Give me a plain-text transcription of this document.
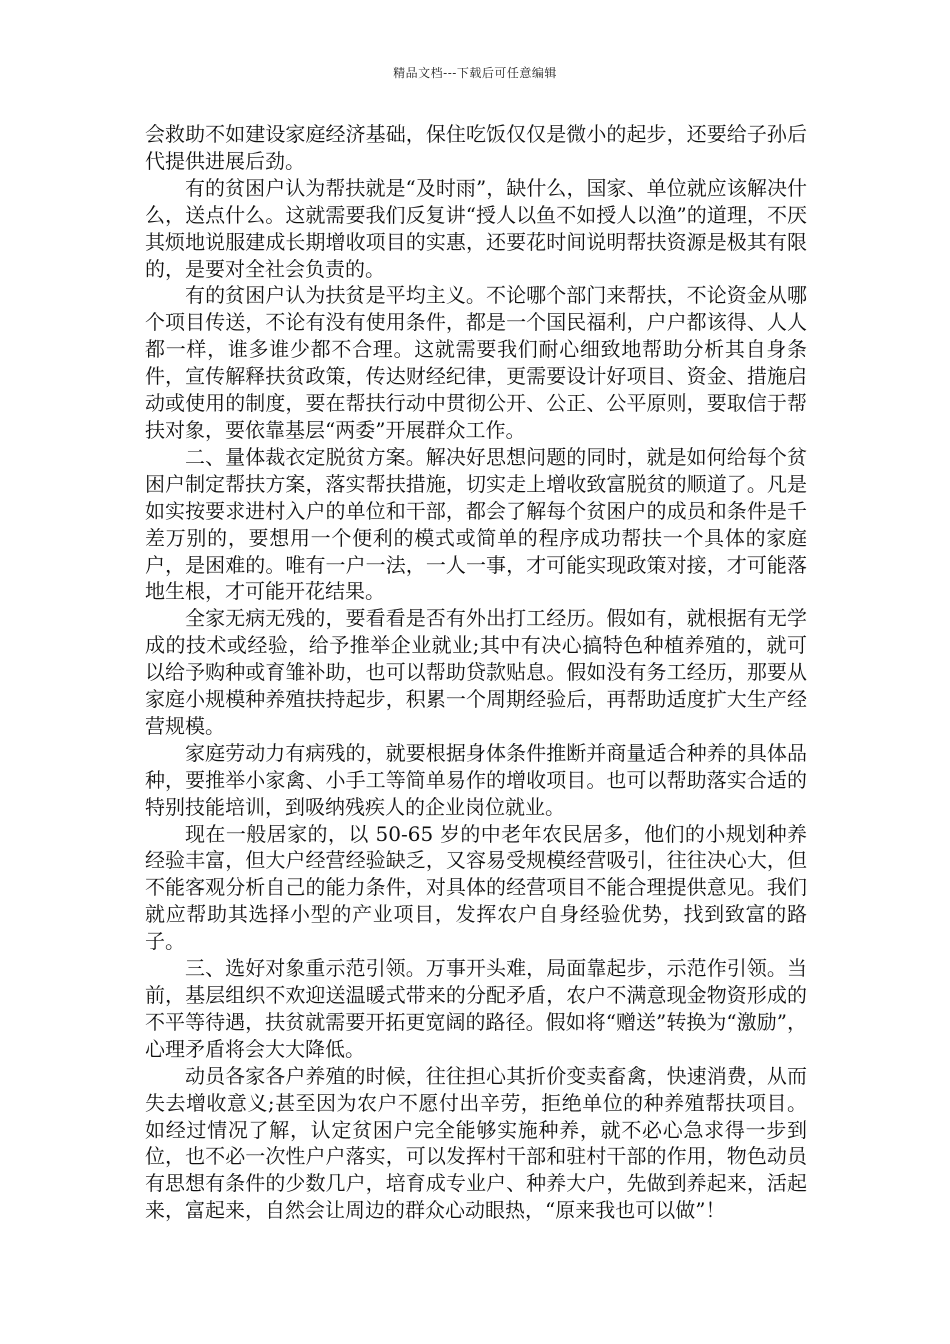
精品文档---下载后可任意编辑

会救助不如建设家庭经济基础，保住吃饭仅仅是微小的起步，还要给子孙后代提供进展后劲。

有的贫困户认为帮扶就是“及时雨”，缺什么，国家、单位就应该解决什么，送点什么。这就需要我们反复讲“授人以鱼不如授人以渔”的道理，不厌其烦地说服建成长期增收项目的实惠，还要花时间说明帮扶资源是极其有限的，是要对全社会负责的。

有的贫困户认为扶贫是平均主义。不论哪个部门来帮扶，不论资金从哪个项目传送，不论有没有使用条件，都是一个国民福利，户户都该得、人人都一样，谁多谁少都不合理。这就需要我们耐心细致地帮助分析其自身条件，宣传解释扶贫政策，传达财经纪律，更需要设计好项目、资金、措施启动或使用的制度，要在帮扶行动中贯彻公开、公正、公平原则，要取信于帮扶对象，要依靠基层“两委”开展群众工作。

二、量体裁衣定脱贫方案。解决好思想问题的同时，就是如何给每个贫困户制定帮扶方案，落实帮扶措施，切实走上增收致富脱贫的顺道了。凡是如实按要求进村入户的单位和干部，都会了解每个贫困户的成员和条件是千差万别的，要想用一个便利的模式或简单的程序成功帮扶一个具体的家庭户，是困难的。唯有一户一法，一人一事，才可能实现政策对接，才可能落地生根，才可能开花结果。

全家无病无残的，要看看是否有外出打工经历。假如有，就根据有无学成的技术或经验，给予推举企业就业;其中有决心搞特色种植养殖的，就可以给予购种或育雏补助，也可以帮助贷款贴息。假如没有务工经历，那要从家庭小规模种养殖扶持起步，积累一个周期经验后，再帮助适度扩大生产经营规模。

家庭劳动力有病残的，就要根据身体条件推断并商量适合种养的具体品种，要推举小家禽、小手工等简单易作的增收项目。也可以帮助落实合适的特别技能培训，到吸纳残疾人的企业岗位就业。

现在一般居家的，以 50-65 岁的中老年农民居多，他们的小规划种养经验丰富，但大户经营经验缺乏，又容易受规模经营吸引，往往决心大，但不能客观分析自己的能力条件，对具体的经营项目不能合理提供意见。我们就应帮助其选择小型的产业项目，发挥农户自身经验优势，找到致富的路子。

三、选好对象重示范引领。万事开头难，局面靠起步，示范作引领。当前，基层组织不欢迎送温暖式带来的分配矛盾，农户不满意现金物资形成的不平等待遇，扶贫就需要开拓更宽阔的路径。假如将“赠送”转换为“激励”，心理矛盾将会大大降低。

动员各家各户养殖的时候，往往担心其折价变卖畜禽，快速消费，从而失去增收意义;甚至因为农户不愿付出辛劳，拒绝单位的种养殖帮扶项目。如经过情况了解，认定贫困户完全能够实施种养，就不必心急求得一步到位，也不必一次性户户落实，可以发挥村干部和驻村干部的作用，物色动员有思想有条件的少数几户，培育成专业户、种养大户，先做到养起来，活起来，富起来，自然会让周边的群众心动眼热，“原来我也可以做”！
